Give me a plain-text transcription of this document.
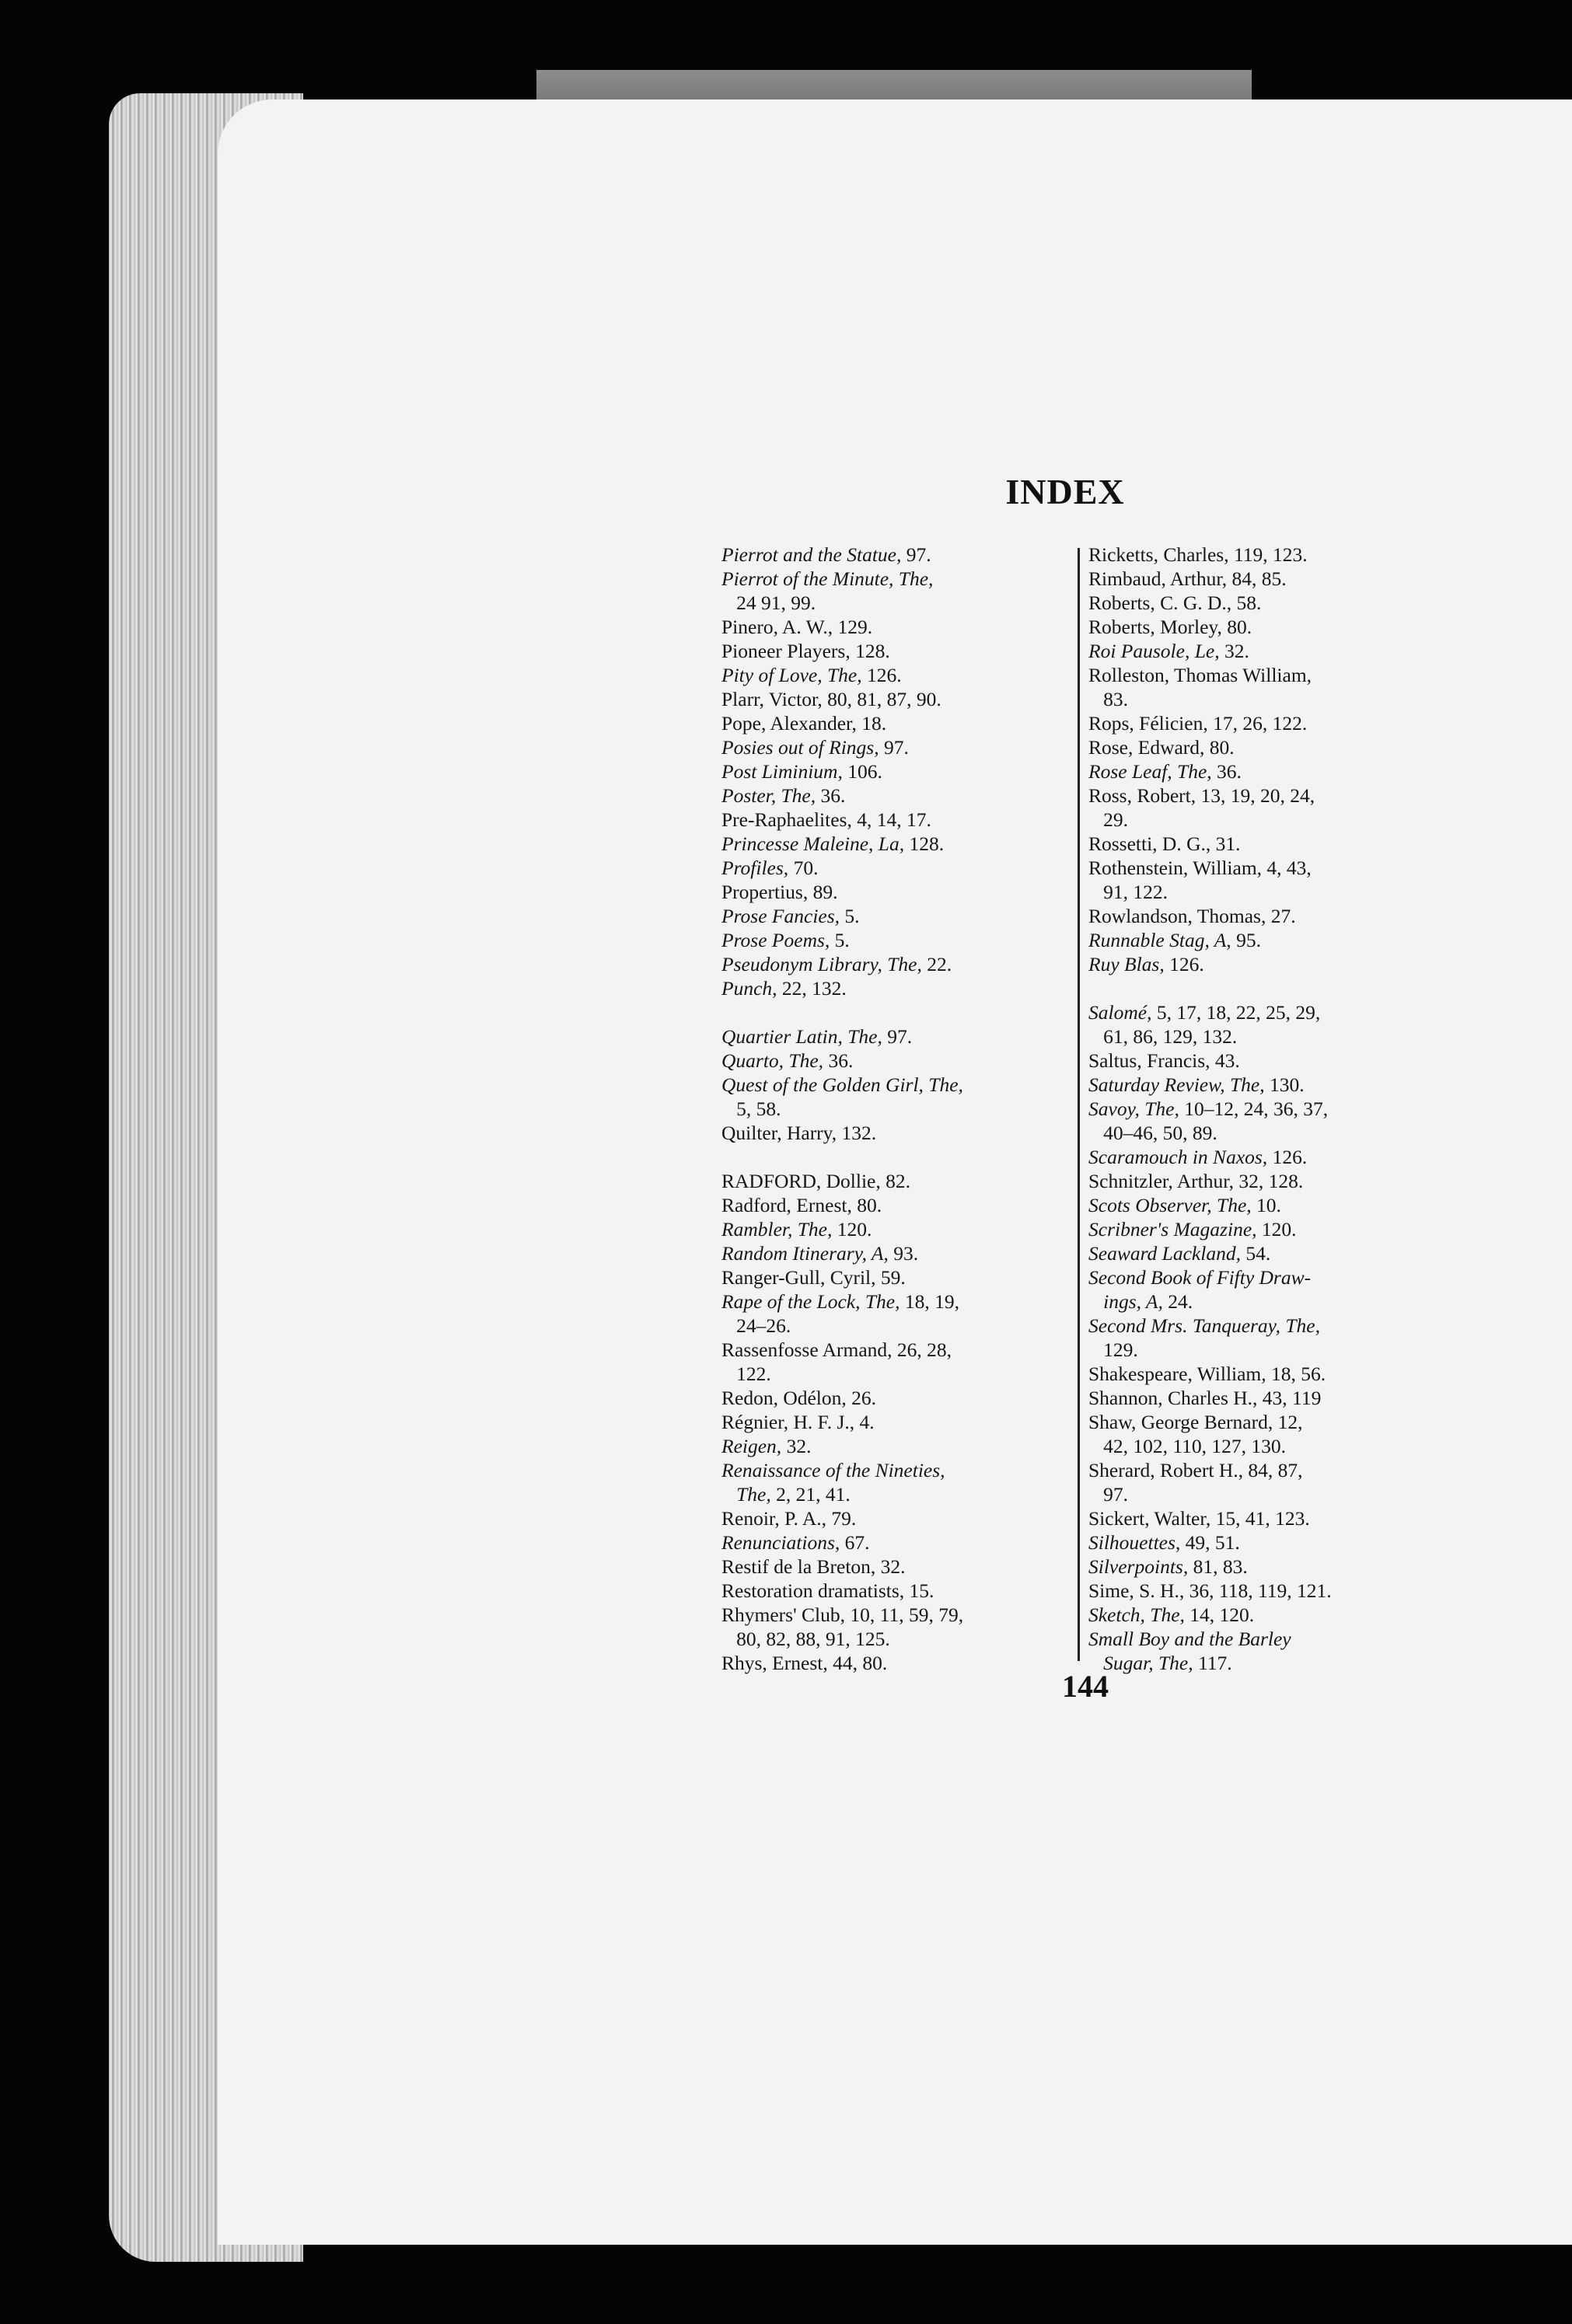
INDEX
Pierrot and the Statue, 97.
Pierrot of the Minute, The,
24 91, 99.
Pinero, A. W., 129.
Pioneer Players, 128.
Pity of Love, The, 126.
Plarr, Victor, 80, 81, 87, 90.
Pope, Alexander, 18.
Posies out of Rings, 97.
Post Liminium, 106.
Poster, The, 36.
Pre-Raphaelites, 4, 14, 17.
Princesse Maleine, La, 128.
Profiles, 70.
Propertius, 89.
Prose Fancies, 5.
Prose Poems, 5.
Pseudonym Library, The, 22.
Punch, 22, 132.
Quartier Latin, The, 97.
Quarto, The, 36.
Quest of the Golden Girl, The,
5, 58.
Quilter, Harry, 132.
RADFORD, Dollie, 82.
Radford, Ernest, 80.
Rambler, The, 120.
Random Itinerary, A, 93.
Ranger-Gull, Cyril, 59.
Rape of the Lock, The, 18, 19,
24–26.
Rassenfosse Armand, 26, 28,
122.
Redon, Odélon, 26.
Régnier, H. F. J., 4.
Reigen, 32.
Renaissance of the Nineties,
The, 2, 21, 41.
Renoir, P. A., 79.
Renunciations, 67.
Restif de la Breton, 32.
Restoration dramatists, 15.
Rhymers' Club, 10, 11, 59, 79,
80, 82, 88, 91, 125.
Rhys, Ernest, 44, 80.
Ricketts, Charles, 119, 123.
Rimbaud, Arthur, 84, 85.
Roberts, C. G. D., 58.
Roberts, Morley, 80.
Roi Pausole, Le, 32.
Rolleston, Thomas William,
83.
Rops, Félicien, 17, 26, 122.
Rose, Edward, 80.
Rose Leaf, The, 36.
Ross, Robert, 13, 19, 20, 24,
29.
Rossetti, D. G., 31.
Rothenstein, William, 4, 43,
91, 122.
Rowlandson, Thomas, 27.
Runnable Stag, A, 95.
Ruy Blas, 126.
Salomé, 5, 17, 18, 22, 25, 29,
61, 86, 129, 132.
Saltus, Francis, 43.
Saturday Review, The, 130.
Savoy, The, 10–12, 24, 36, 37,
40–46, 50, 89.
Scaramouch in Naxos, 126.
Schnitzler, Arthur, 32, 128.
Scots Observer, The, 10.
Scribner's Magazine, 120.
Seaward Lackland, 54.
Second Book of Fifty Draw-
ings, A, 24.
Second Mrs. Tanqueray, The,
129.
Shakespeare, William, 18, 56.
Shannon, Charles H., 43, 119
Shaw, George Bernard, 12,
42, 102, 110, 127, 130.
Sherard, Robert H., 84, 87,
97.
Sickert, Walter, 15, 41, 123.
Silhouettes, 49, 51.
Silverpoints, 81, 83.
Sime, S. H., 36, 118, 119, 121.
Sketch, The, 14, 120.
Small Boy and the Barley
Sugar, The, 117.
144
